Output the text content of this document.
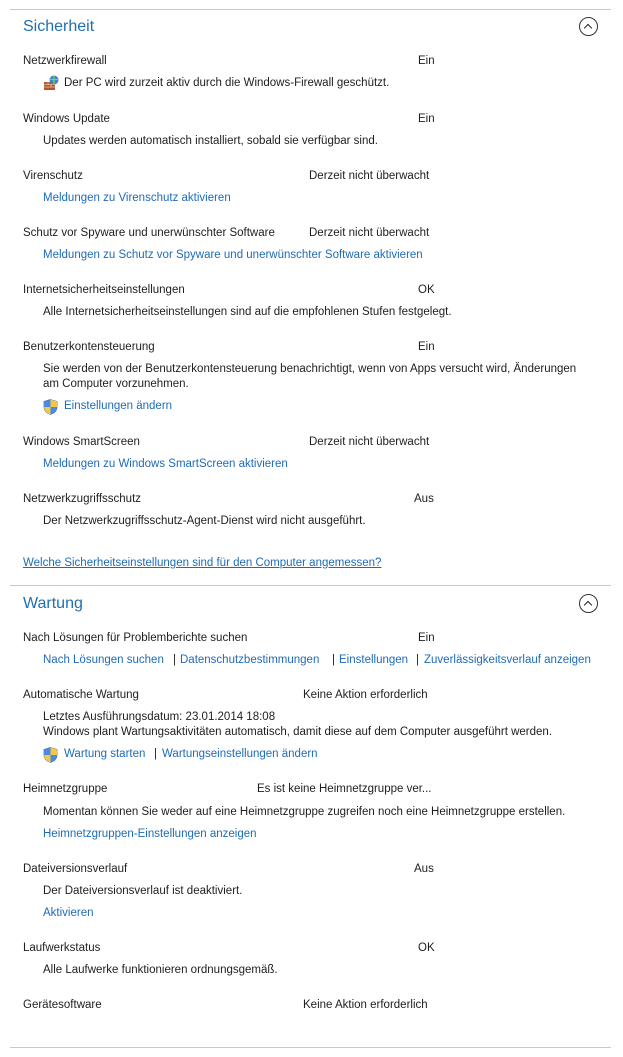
Sicherheit
Netzwerkfirewall	Ein
Der PC wird zurzeit aktiv durch die Windows-Firewall geschützt.
Windows Update	Ein
Updates werden automatisch installiert, sobald sie verfügbar sind.
Virenschutz	Derzeit nicht überwacht
Meldungen zu Virenschutz aktivieren
Schutz vor Spyware und unerwünschter Software	Derzeit nicht überwacht
Meldungen zu Schutz vor Spyware und unerwünschter Software aktivieren
Internetsicherheitseinstellungen	OK
Alle Internetsicherheitseinstellungen sind auf die empfohlenen Stufen festgelegt.
Benutzerkontensteuerung	Ein
Sie werden von der Benutzerkontensteuerung benachrichtigt, wenn von Apps versucht wird, Änderungen
am Computer vorzunehmen.
Einstellungen ändern
Windows SmartScreen	Derzeit nicht überwacht
Meldungen zu Windows SmartScreen aktivieren
Netzwerkzugriffsschutz	Aus
Der Netzwerkzugriffsschutz-Agent-Dienst wird nicht ausgeführt.
Welche Sicherheitseinstellungen sind für den Computer angemessen?
Wartung
Nach Lösungen für Problemberichte suchen	Ein
Nach Lösungen suchen | Datenschutzbestimmungen | Einstellungen | Zuverlässigkeitsverlauf anzeigen
Automatische Wartung	Keine Aktion erforderlich
Letztes Ausführungsdatum: 23.01.2014 18:08
Windows plant Wartungsaktivitäten automatisch, damit diese auf dem Computer ausgeführt werden.
Wartung starten | Wartungseinstellungen ändern
Heimnetzgruppe	Es ist keine Heimnetzgruppe ver...
Momentan können Sie weder auf eine Heimnetzgruppe zugreifen noch eine Heimnetzgruppe erstellen.
Heimnetzgruppen-Einstellungen anzeigen
Dateiversionsverlauf	Aus
Der Dateiversionsverlauf ist deaktiviert.
Aktivieren
Laufwerkstatus	OK
Alle Laufwerke funktionieren ordnungsgemäß.
Gerätesoftware	Keine Aktion erforderlich
